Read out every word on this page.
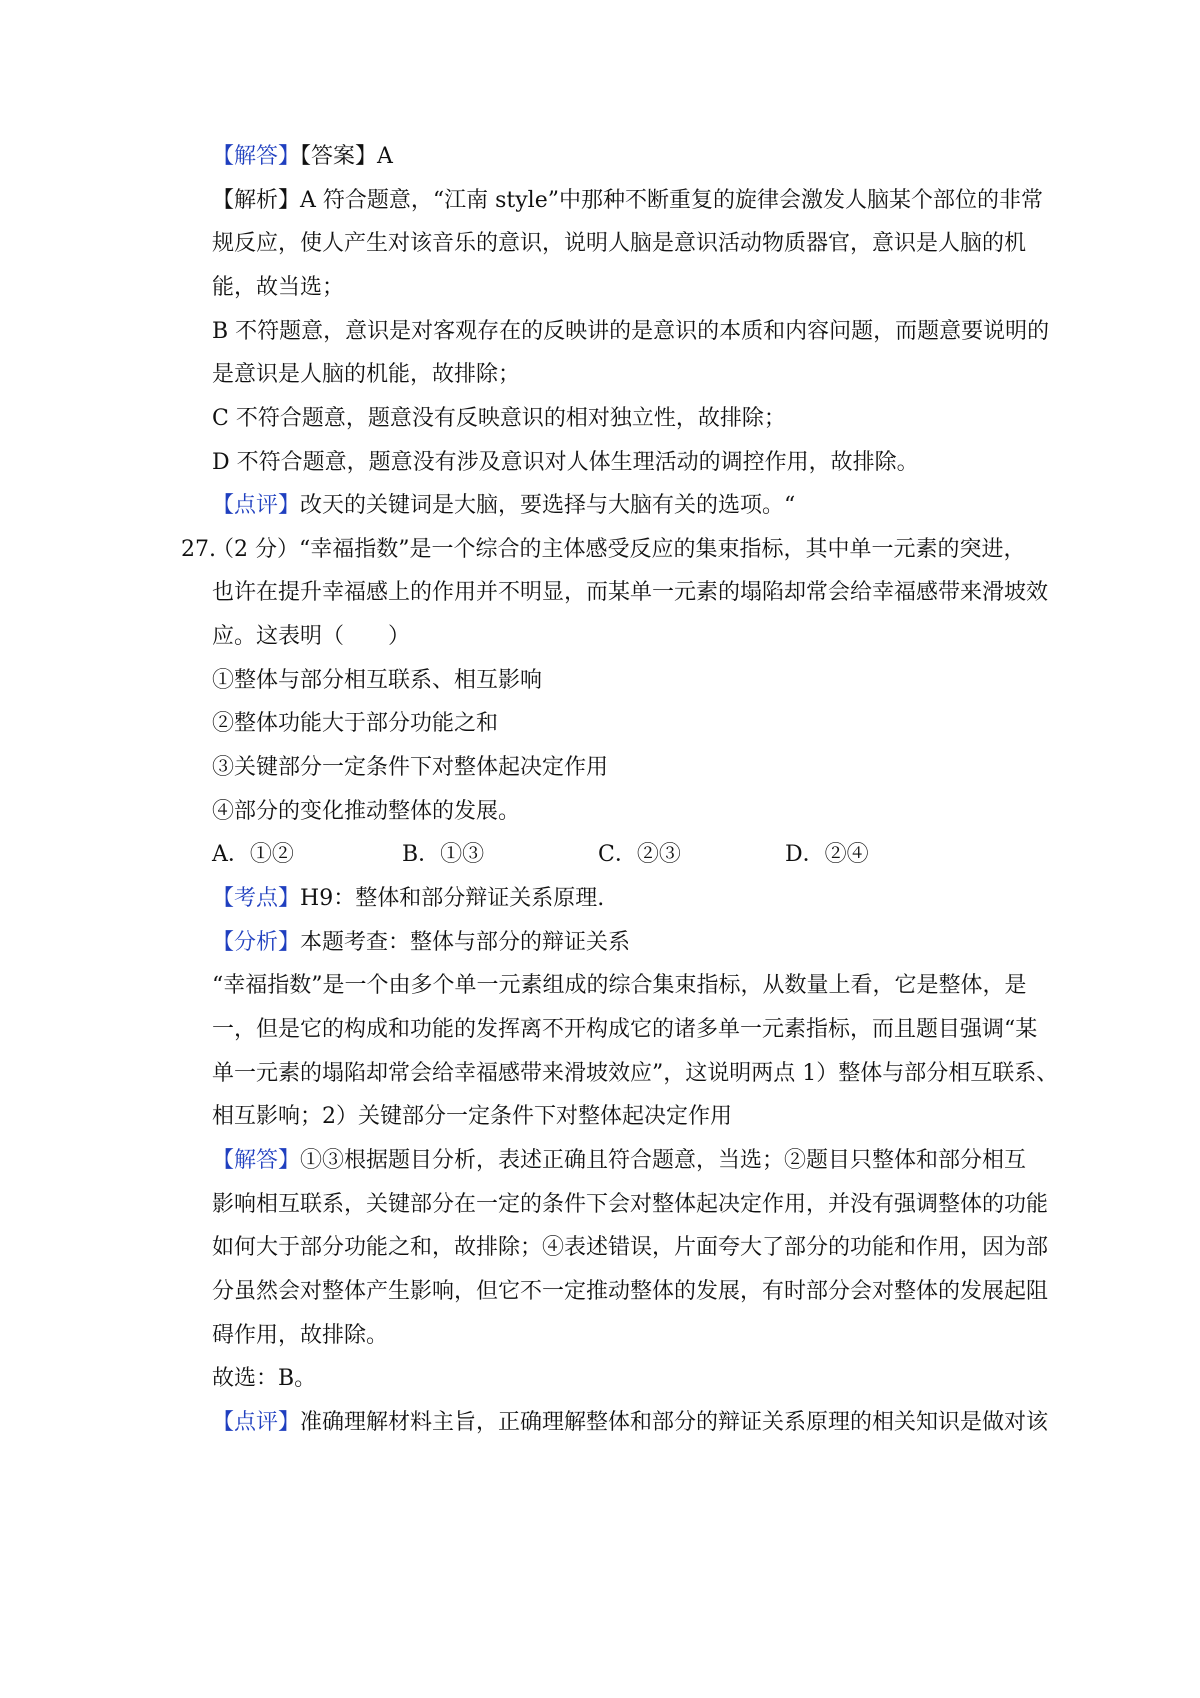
【解答】【答案】A
【解析】A 符合题意，“江南 style”中那种不断重复的旋律会激发人脑某个部位的非常
规反应，使人产生对该音乐的意识，说明人脑是意识活动物质器官，意识是人脑的机
能，故当选；
B 不符题意，意识是对客观存在的反映讲的是意识的本质和内容问题，而题意要说明的
是意识是人脑的机能，故排除；
C 不符合题意，题意没有反映意识的相对独立性，故排除；
D 不符合题意，题意没有涉及意识对人体生理活动的调控作用，故排除。
【点评】改天的关键词是大脑，要选择与大脑有关的选项。“
27.
（2 分）“幸福指数”是一个综合的主体感受反应的集束指标，其中单一元素的突进，
也许在提升幸福感上的作用并不明显，而某单一元素的塌陷却常会给幸福感带来滑坡效
应。这表明（　　）
①整体与部分相互联系、相互影响
②整体功能大于部分功能之和
③关键部分一定条件下对整体起决定作用
④部分的变化推动整体的发展。
A．①②	B．①③	C．②③	D．②④
【考点】H9：整体和部分辩证关系原理.
【分析】本题考查：整体与部分的辩证关系
“幸福指数”是一个由多个单一元素组成的综合集束指标，从数量上看，它是整体，是
一，但是它的构成和功能的发挥离不开构成它的诸多单一元素指标，而且题目强调“某
单一元素的塌陷却常会给幸福感带来滑坡效应”，这说明两点 1）整体与部分相互联系、
相互影响；2）关键部分一定条件下对整体起决定作用
【解答】①③根据题目分析，表述正确且符合题意，当选；②题目只整体和部分相互
影响相互联系，关键部分在一定的条件下会对整体起决定作用，并没有强调整体的功能
如何大于部分功能之和，故排除；④表述错误，片面夸大了部分的功能和作用，因为部
分虽然会对整体产生影响，但它不一定推动整体的发展，有时部分会对整体的发展起阻
碍作用，故排除。
故选：B。
【点评】准确理解材料主旨，正确理解整体和部分的辩证关系原理的相关知识是做对该
